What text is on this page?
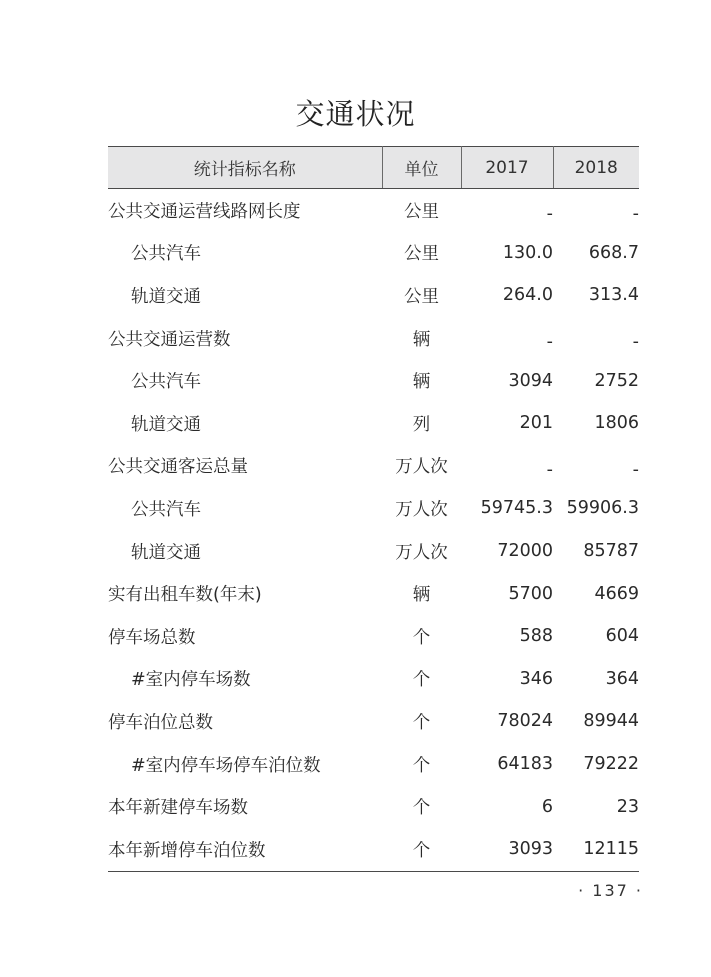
交通状况
统计指标名称	单位	2017	2018
公共交通运营线路网长度	公里	-	-
公共汽车	公里	130.0	668.7
轨道交通	公里	264.0	313.4
公共交通运营数	辆	-	-
公共汽车	辆	3094	2752
轨道交通	列	201	1806
公共交通客运总量	万人次	-	-
公共汽车	万人次	59745.3	59906.3
轨道交通	万人次	72000	85787
实有出租车数(年末)	辆	5700	4669
停车场总数	个	588	604
#室内停车场数	个	346	364
停车泊位总数	个	78024	89944
#室内停车场停车泊位数	个	64183	79222
本年新建停车场数	个	6	23
本年新增停车泊位数	个	3093	12115
· 137 ·
